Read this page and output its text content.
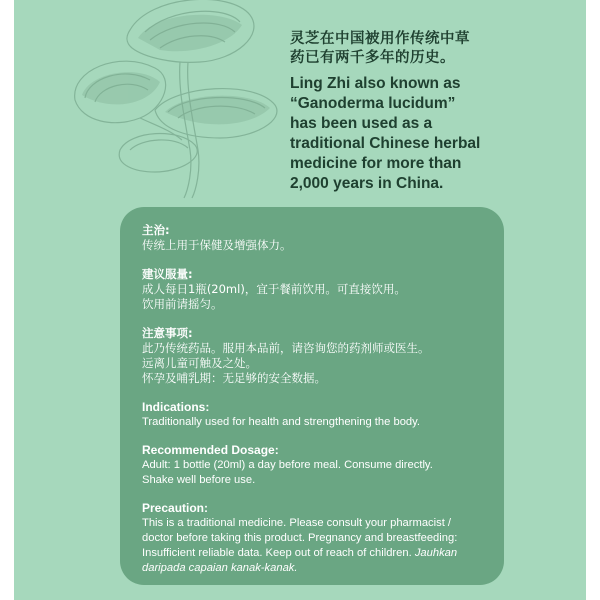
灵芝在中国被用作传统中草
药已有两千多年的历史。

Ling Zhi also known as
“Ganoderma lucidum”
has been used as a
traditional Chinese herbal
medicine for more than
2,000 years in China.

主治:

传统上用于保健及增强体力。

建议服量:

成人每日1瓶(20ml)，宜于餐前饮用。可直接饮用。

饮用前请摇匀。

注意事项:

此乃传统药品。服用本品前，请咨询您的药剂师或医生。

远离儿童可触及之处。

怀孕及哺乳期：无足够的安全数据。

Indications:

Traditionally used for health and strengthening the body.

Recommended Dosage:

Adult: 1 bottle (20ml) a day before meal. Consume directly.

Shake well before use.

Precaution:

This is a traditional medicine. Please consult your pharmacist /

doctor before taking this product. Pregnancy and breastfeeding:

Insufficient reliable data. Keep out of reach of children. Jauhkan

daripada capaian kanak-kanak.
